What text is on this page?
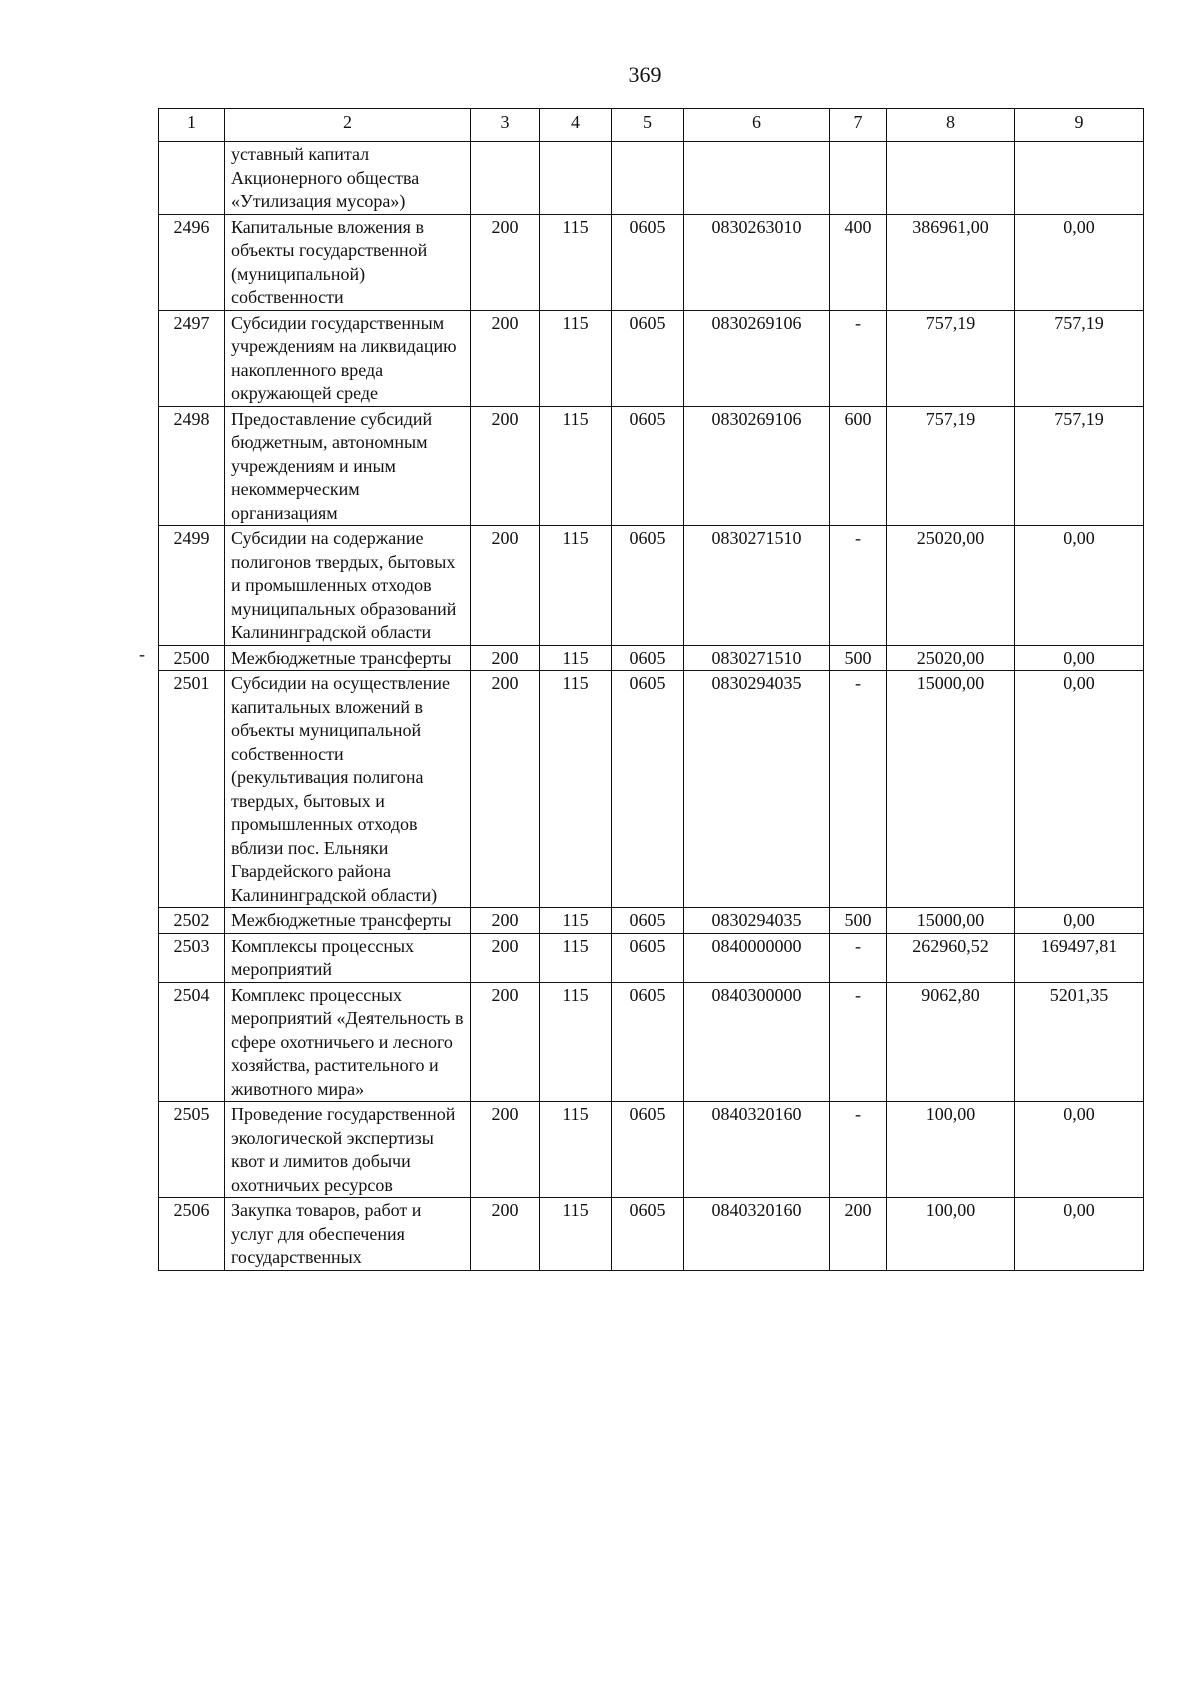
369
-
1	2	3	4	5	6	7	8	9
	уставный капитал Акционерного общества «Утилизация мусора»)							
2496	Капитальные вложения в объекты государственной (муниципальной) собственности	200	115	0605	0830263010	400	386961,00	0,00
2497	Субсидии государственным учреждениям на ликвидацию накопленного вреда окружающей среде	200	115	0605	0830269106	-	757,19	757,19
2498	Предоставление субсидий бюджетным, автономным учреждениям и иным некоммерческим организациям	200	115	0605	0830269106	600	757,19	757,19
2499	Субсидии на содержание полигонов твердых, бытовых и промышленных отходов муниципальных образований Калининградской области	200	115	0605	0830271510	-	25020,00	0,00
2500	Межбюджетные трансферты	200	115	0605	0830271510	500	25020,00	0,00
2501	Субсидии на осуществление капитальных вложений в объекты муниципальной собственности (рекультивация полигона твердых, бытовых и промышленных отходов вблизи пос. Ельняки Гвардейского района Калининградской области)	200	115	0605	0830294035	-	15000,00	0,00
2502	Межбюджетные трансферты	200	115	0605	0830294035	500	15000,00	0,00
2503	Комплексы процессных мероприятий	200	115	0605	0840000000	-	262960,52	169497,81
2504	Комплекс процессных мероприятий «Деятельность в сфере охотничьего и лесного хозяйства, растительного и животного мира»	200	115	0605	0840300000	-	9062,80	5201,35
2505	Проведение государственной экологической экспертизы квот и лимитов добычи охотничьих ресурсов	200	115	0605	0840320160	-	100,00	0,00
2506	Закупка товаров, работ и услуг для обеспечения государственных	200	115	0605	0840320160	200	100,00	0,00
